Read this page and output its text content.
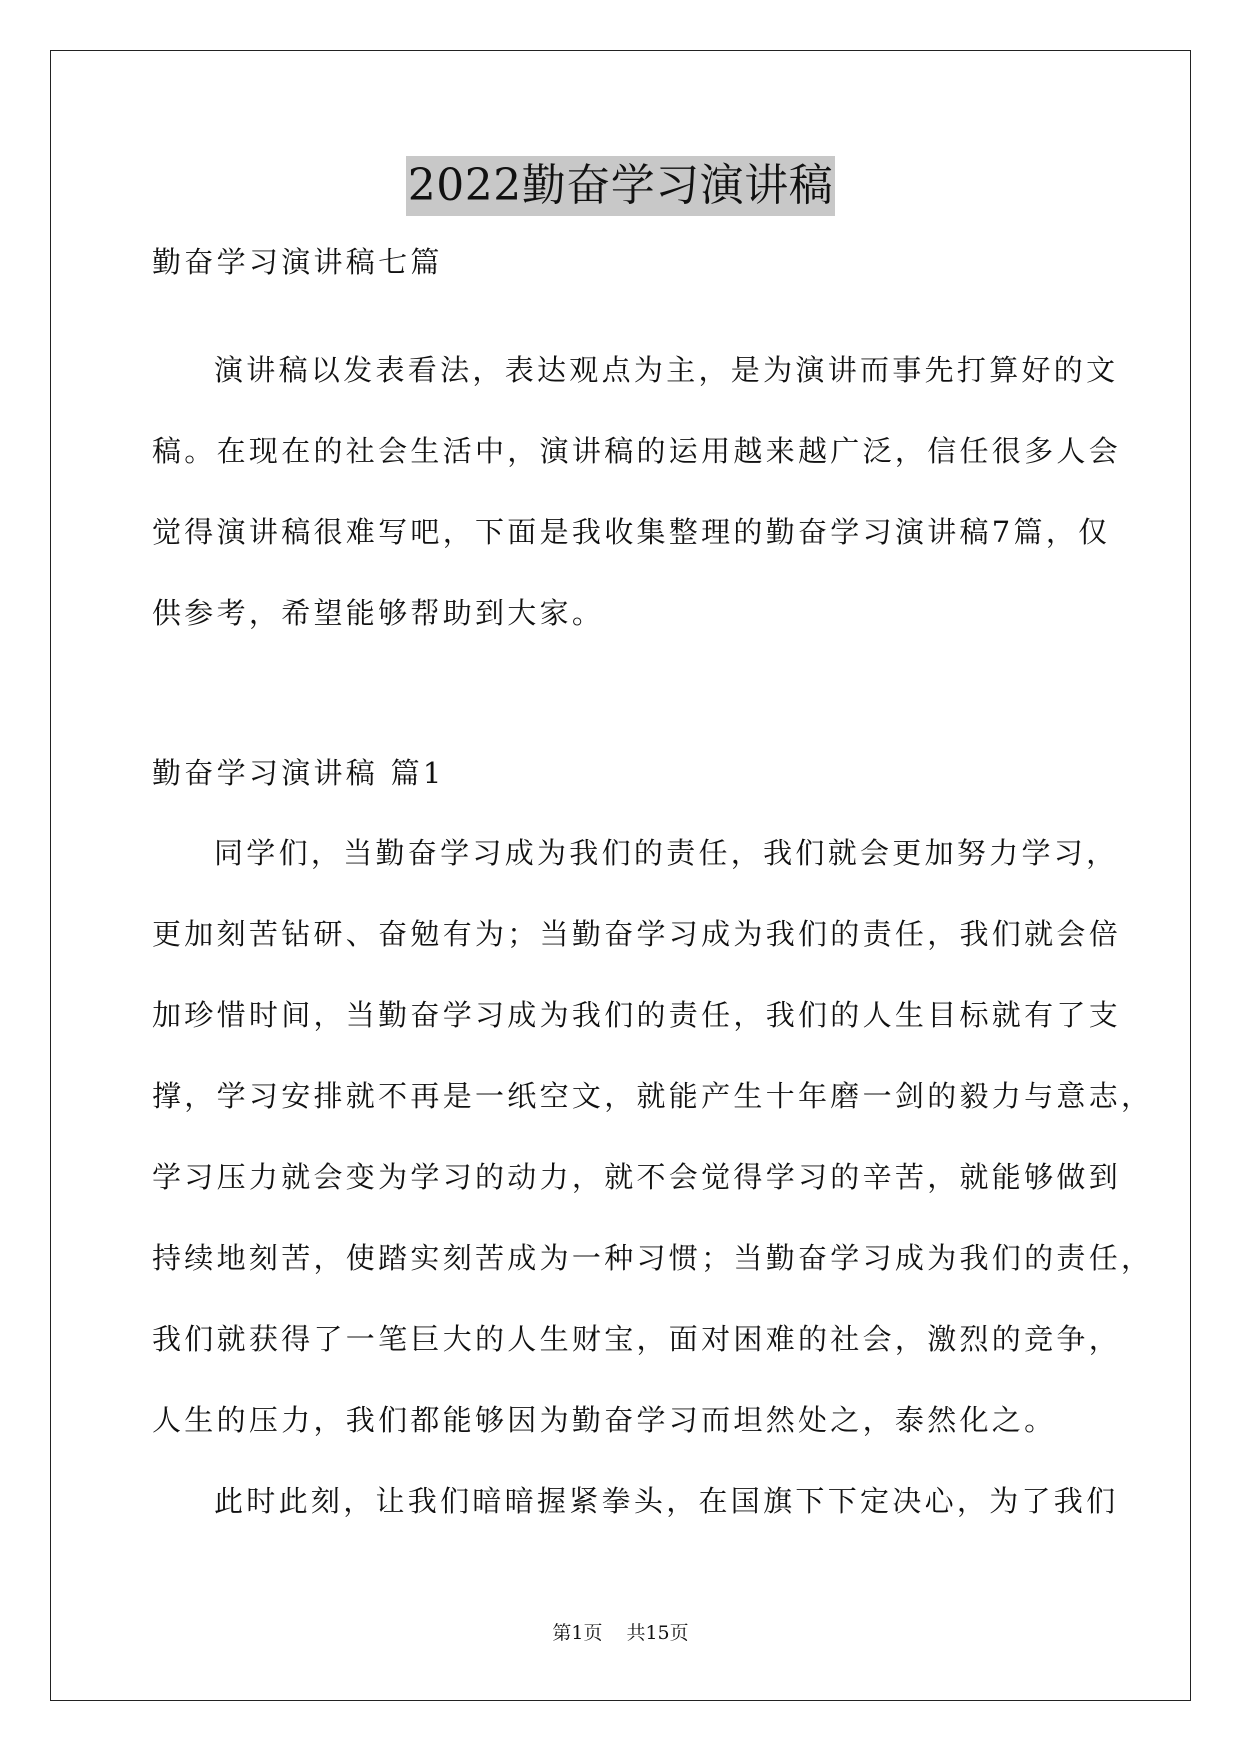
2022勤奋学习演讲稿
勤奋学习演讲稿七篇
演讲稿以发表看法，表达观点为主，是为演讲而事先打算好的文
稿。在现在的社会生活中，演讲稿的运用越来越广泛，信任很多人会
觉得演讲稿很难写吧，下面是我收集整理的勤奋学习演讲稿7篇，仅
供参考，希望能够帮助到大家。
勤奋学习演讲稿 篇1
同学们，当勤奋学习成为我们的责任，我们就会更加努力学习，
更加刻苦钻研、奋勉有为；当勤奋学习成为我们的责任，我们就会倍
加珍惜时间，当勤奋学习成为我们的责任，我们的人生目标就有了支
撑，学习安排就不再是一纸空文，就能产生十年磨一剑的毅力与意志，
学习压力就会变为学习的动力，就不会觉得学习的辛苦，就能够做到
持续地刻苦，使踏实刻苦成为一种习惯；当勤奋学习成为我们的责任，
我们就获得了一笔巨大的人生财宝，面对困难的社会，激烈的竞争，
人生的压力，我们都能够因为勤奋学习而坦然处之，泰然化之。
此时此刻，让我们暗暗握紧拳头，在国旗下下定决心，为了我们
第1页 共15页
